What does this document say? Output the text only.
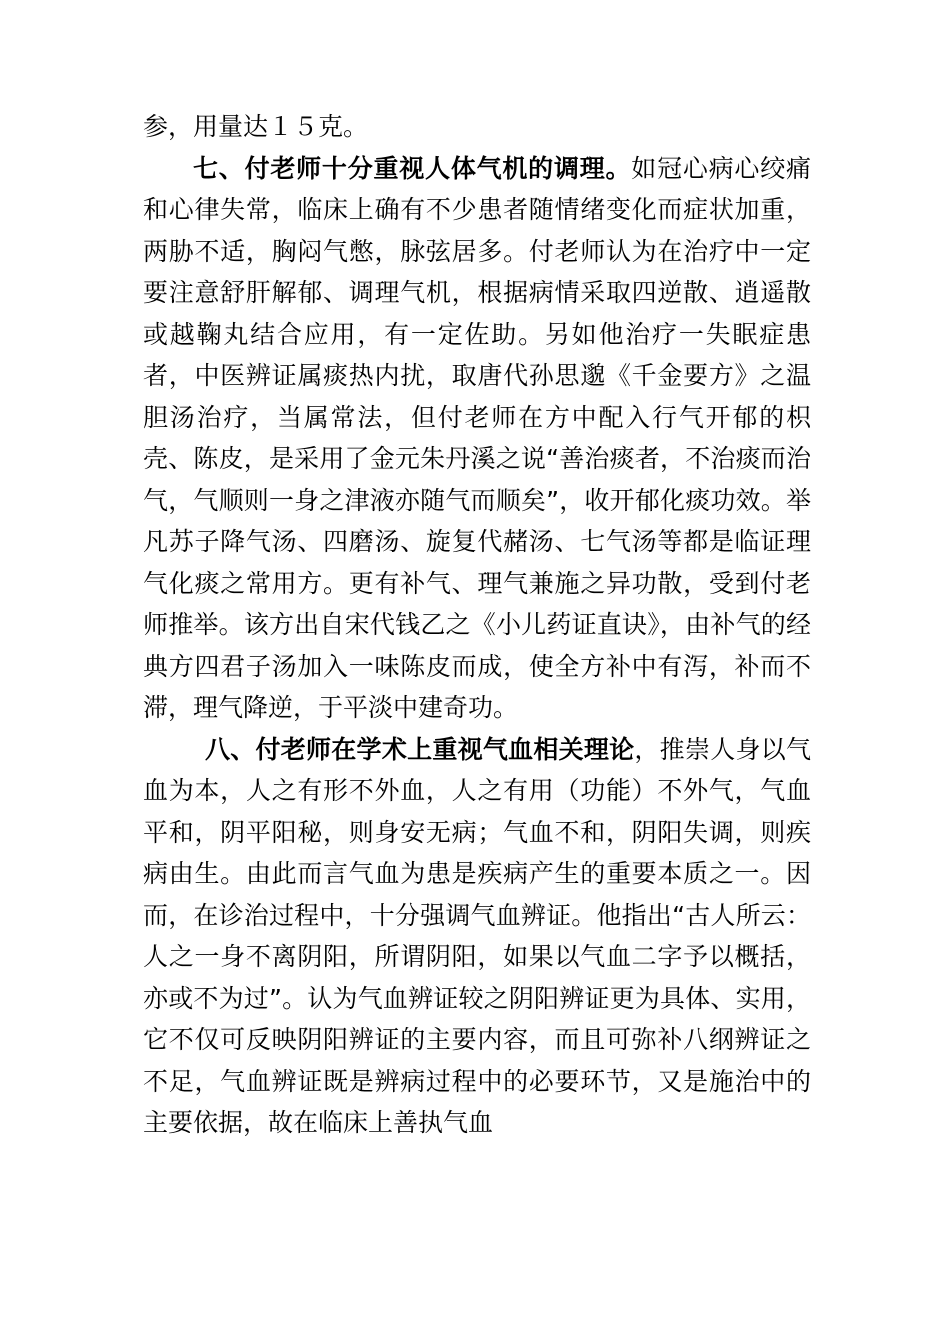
参，用量达１５克。

七、付老师十分重视人体气机的调理。如冠心病心绞痛和心律失常，临床上确有不少患者随情绪变化而症状加重，两胁不适，胸闷气憋，脉弦居多。付老师认为在治疗中一定要注意舒肝解郁、调理气机，根据病情采取四逆散、逍遥散或越鞠丸结合应用，有一定佐助。另如他治疗一失眠症患者，中医辨证属痰热内扰，取唐代孙思邈《千金要方》之温胆汤治疗，当属常法，但付老师在方中配入行气开郁的枳壳、陈皮，是采用了金元朱丹溪之说“善治痰者，不治痰而治气，气顺则一身之津液亦随气而顺矣”，收开郁化痰功效。举凡苏子降气汤、四磨汤、旋复代赭汤、七气汤等都是临证理气化痰之常用方。更有补气、理气兼施之异功散，受到付老师推举。该方出自宋代钱乙之《小儿药证直诀》，由补气的经典方四君子汤加入一味陈皮而成，使全方补中有泻，补而不滞，理气降逆，于平淡中建奇功。

八、付老师在学术上重视气血相关理论，推崇人身以气血为本，人之有形不外血，人之有用（功能）不外气，气血平和，阴平阳秘，则身安无病；气血不和，阴阳失调，则疾病由生。由此而言气血为患是疾病产生的重要本质之一。因而，在诊治过程中，十分强调气血辨证。他指出“古人所云：人之一身不离阴阳，所谓阴阳，如果以气血二字予以概括，亦或不为过”。认为气血辨证较之阴阳辨证更为具体、实用，它不仅可反映阴阳辨证的主要内容，而且可弥补八纲辨证之不足，气血辨证既是辨病过程中的必要环节，又是施治中的主要依据，故在临床上善执气血
